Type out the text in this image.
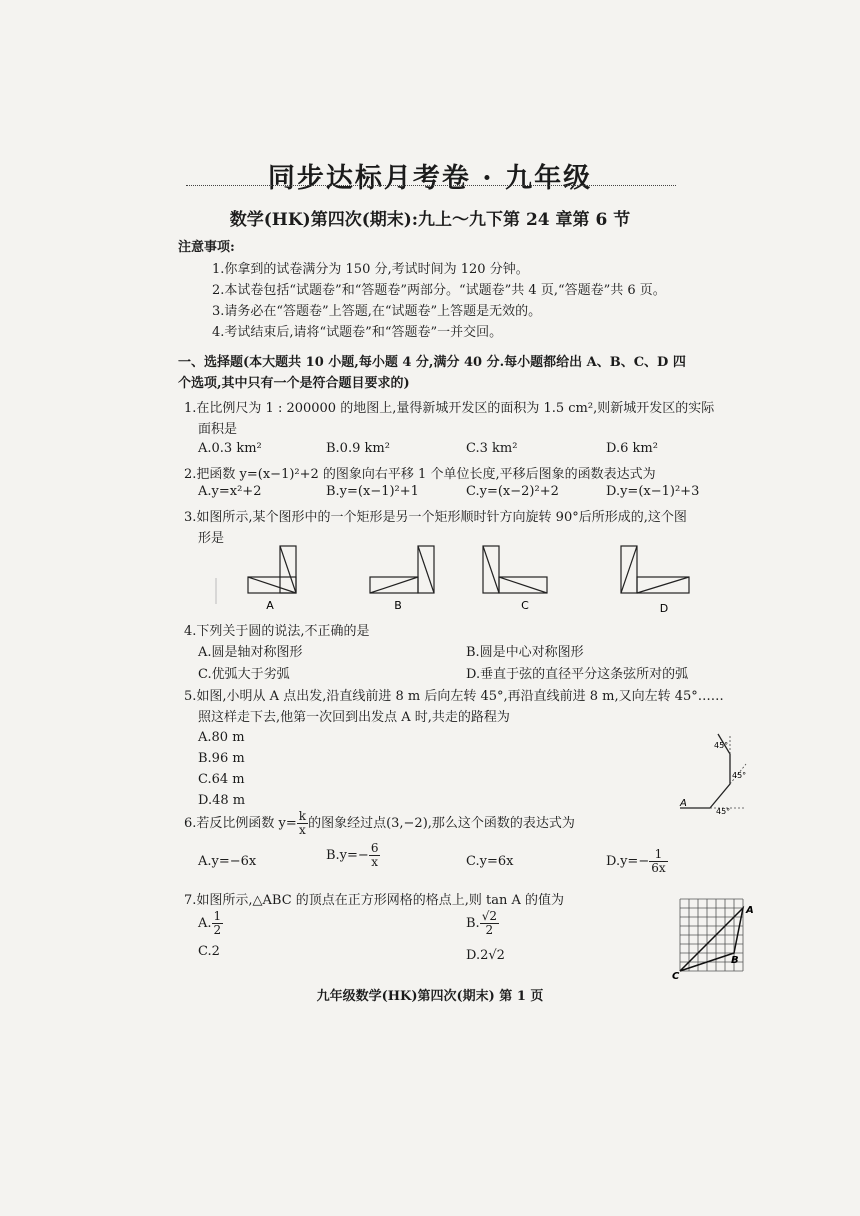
同步达标月考卷 · 九年级
数学(HK)第四次(期末):九上～九下第 24 章第 6 节
注意事项:
1.你拿到的试卷满分为 150 分,考试时间为 120 分钟。
2.本试卷包括“试题卷”和“答题卷”两部分。“试题卷”共 4 页,“答题卷”共 6 页。
3.请务必在“答题卷”上答题,在“试题卷”上答题是无效的。
4.考试结束后,请将“试题卷”和“答题卷”一并交回。
一、选择题(本大题共 10 小题,每小题 4 分,满分 40 分.每小题都给出 A、B、C、D 四个选项,其中只有一个是符合题目要求的)
1.在比例尺为 1 : 200000 的地图上,量得新城开发区的面积为 1.5 cm²,则新城开发区的实际
面积是
A.0.3 km²	B.0.9 km²	C.3 km²	D.6 km²
2.把函数 y=(x−1)²+2 的图象向右平移 1 个单位长度,平移后图象的函数表达式为
A.y=x²+2	B.y=(x−1)²+1	C.y=(x−2)²+2	D.y=(x−1)²+3
3.如图所示,某个图形中的一个矩形是另一个矩形顺时针方向旋转 90°后所形成的,这个图
形是
A	B	C	D
4.下列关于圆的说法,不正确的是
A.圆是轴对称图形	B.圆是中心对称图形
C.优弧大于劣弧	D.垂直于弦的直径平分这条弦所对的弧
5.如图,小明从 A 点出发,沿直线前进 8 m 后向左转 45°,再沿直线前进 8 m,又向左转 45°……
照这样走下去,他第一次回到出发点 A 时,共走的路程为
A.80 m
B.96 m
C.64 m
D.48 m	A
45°
45°
45°
6.若反比例函数 $y= \frac{k}{x}$ 的图象经过点(3,−2),那么这个函数的表达式为
A.y=−6x	$B.y=- \frac{6}{x}$	C.y=6x	$D.y=- \frac{1}{6x}$
7.如图所示,△ABC 的顶点在正方形网格的格点上,则 tan A 的值为
A. $\frac{1}{2}$	B. $\frac{√2}{2}$
C.2	D.2√2
A
B
C
九年级数学(HK)第四次(期末) 第 1 页
